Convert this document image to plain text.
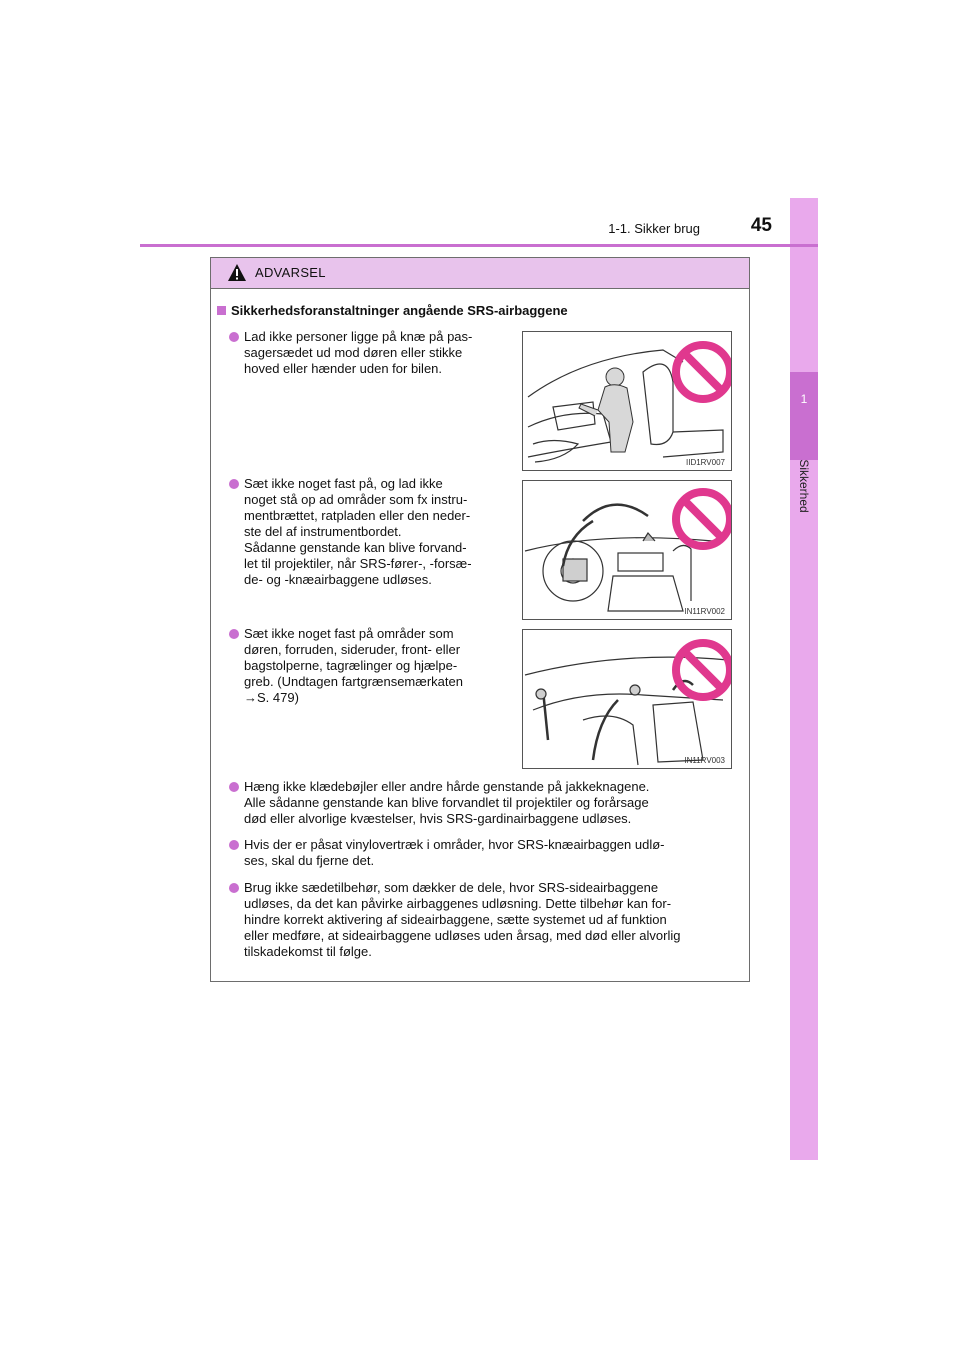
1
Sikkerhed
1-1. Sikker brug	45
ADVARSEL
Sikkerhedsforanstaltninger angående SRS-airbaggene
Lad ikke personer ligge på knæ på pas-
sagersædet ud mod døren eller stikke
hoved eller hænder uden for bilen.
IID1RV007
Sæt ikke noget fast på, og lad ikke
noget stå op ad områder som fx instru-
mentbrættet, ratpladen eller den neder-
ste del af instrumentbordet.
Sådanne genstande kan blive forvand-
let til projektiler, når SRS-fører-, -forsæ-
de- og -knæairbaggene udløses.
IN11RV002
Sæt ikke noget fast på områder som
døren, forruden, sideruder, front- eller
bagstolperne, tagrælinger og hjælpe-
greb. (Undtagen fartgrænsemærkaten
→S. 479)
IN11RV003
Hæng ikke klædebøjler eller andre hårde genstande på jakkeknagene.
Alle sådanne genstande kan blive forvandlet til projektiler og forårsage
død eller alvorlige kvæstelser, hvis SRS-gardinairbaggene udløses.
Hvis der er påsat vinylovertræk i områder, hvor SRS-knæairbaggen udlø-
ses, skal du fjerne det.
Brug ikke sædetilbehør, som dækker de dele, hvor SRS-sideairbaggene
udløses, da det kan påvirke airbaggenes udløsning. Dette tilbehør kan for-
hindre korrekt aktivering af sideairbaggene, sætte systemet ud af funktion
eller medføre, at sideairbaggene udløses uden årsag, med død eller alvorlig
tilskadekomst til følge.
